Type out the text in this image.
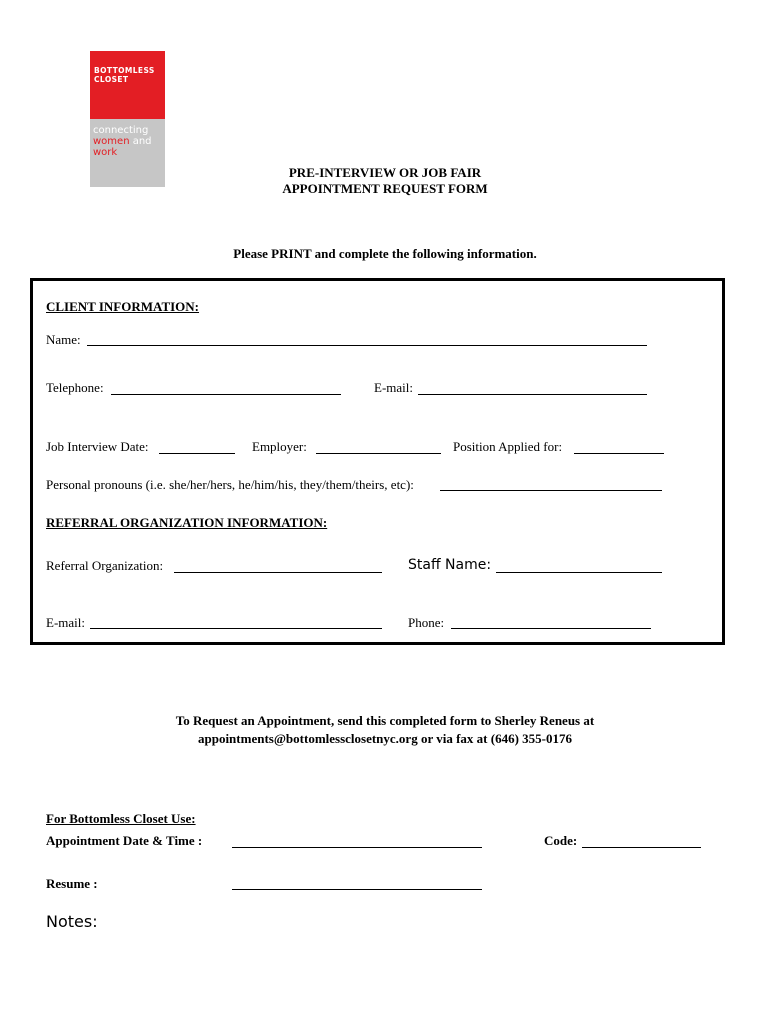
BOTTOMLESS
CLOSET
connecting
women and
work
PRE-INTERVIEW OR JOB FAIR
APPOINTMENT REQUEST FORM
Please PRINT and complete the following information.
CLIENT INFORMATION:
Name:
Telephone:	E-mail:
Job Interview Date:	Employer:	Position Applied for:
Personal pronouns (i.e. she/her/hers, he/him/his, they/them/theirs, etc):
REFERRAL ORGANIZATION INFORMATION:
Referral Organization:	Staff Name:
E-mail:	Phone:
To Request an Appointment, send this completed form to Sherley Reneus at
appointments@bottomlessclosetnyc.org or via fax at (646) 355-0176
For Bottomless Closet Use:
Appointment Date & Time :	Code:
Resume :
Notes:
